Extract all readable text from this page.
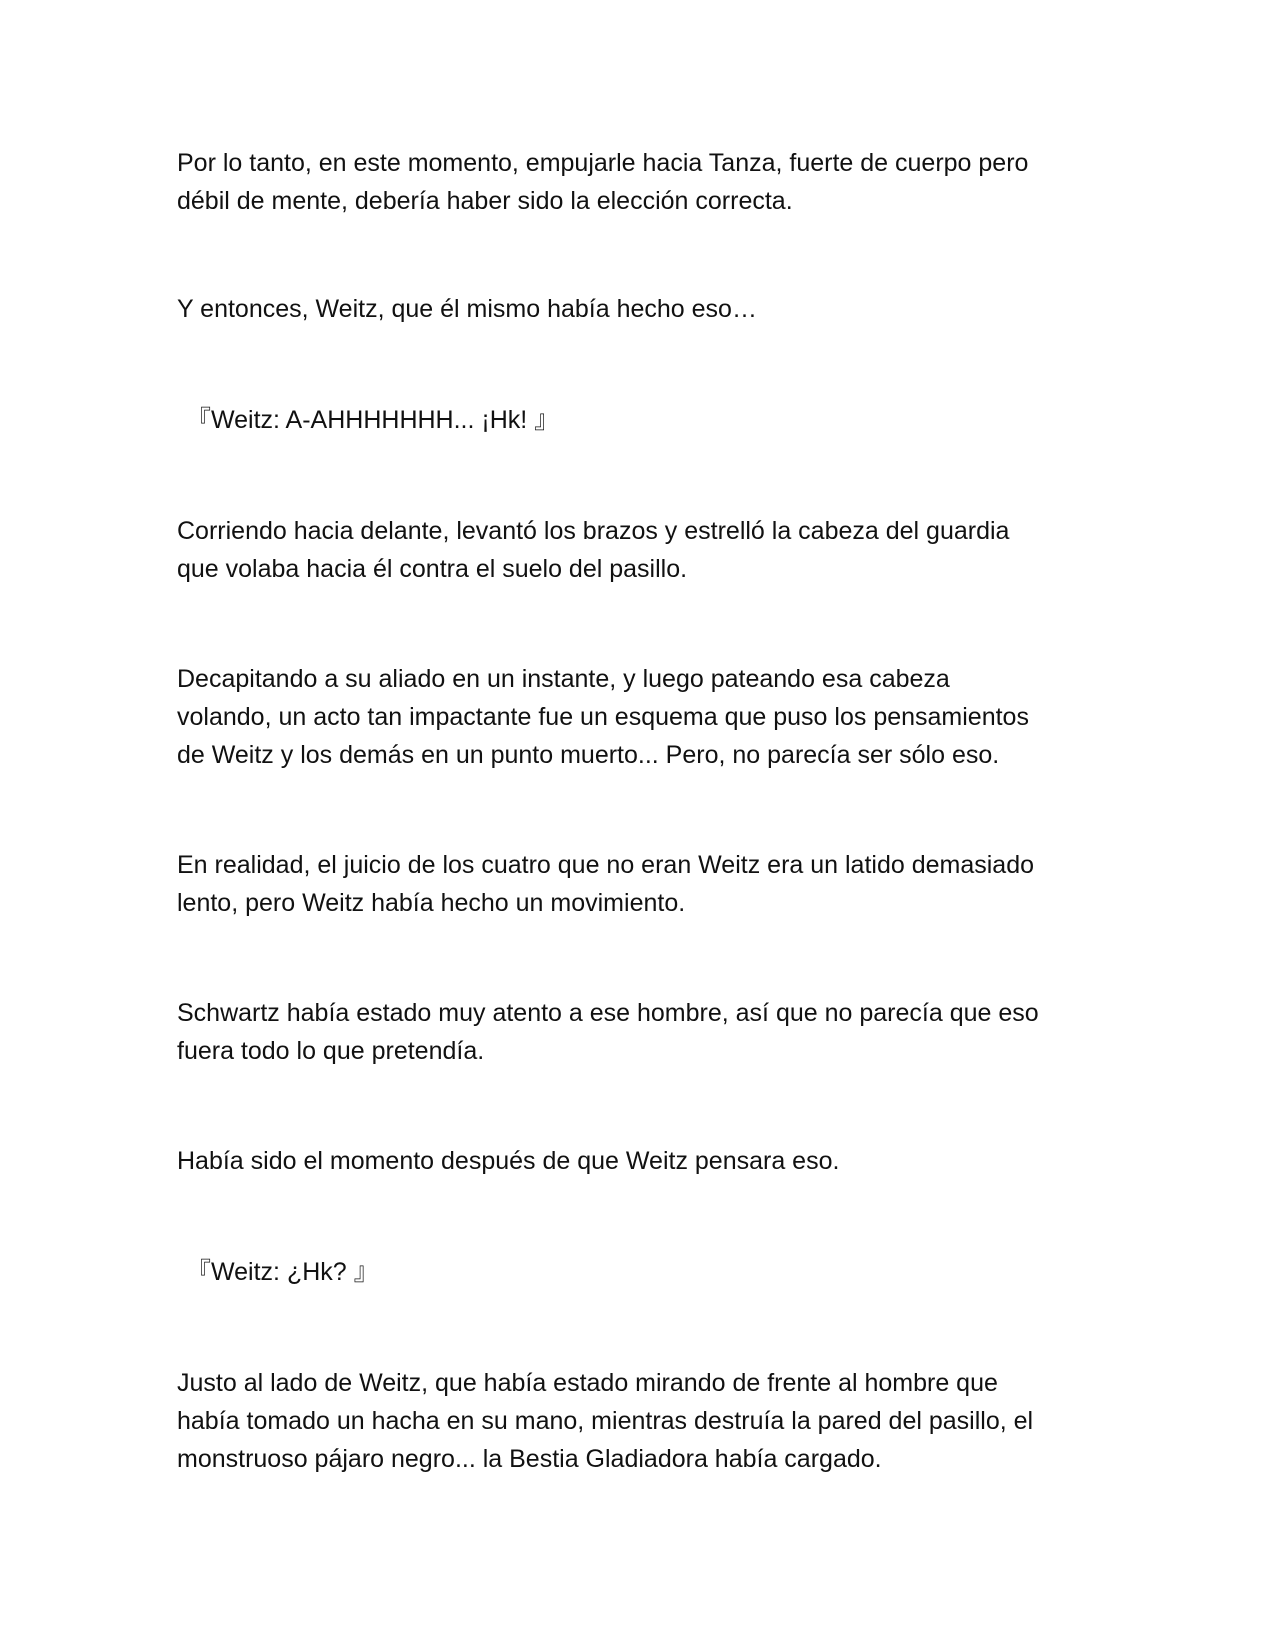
Por lo tanto, en este momento, empujarle hacia Tanza, fuerte de cuerpo pero
débil de mente, debería haber sido la elección correcta.

Y entonces, Weitz, que él mismo había hecho eso…

『Weitz: A-AHHHHHHH... ¡Hk! 』

Corriendo hacia delante, levantó los brazos y estrelló la cabeza del guardia
que volaba hacia él contra el suelo del pasillo.

Decapitando a su aliado en un instante, y luego pateando esa cabeza
volando, un acto tan impactante fue un esquema que puso los pensamientos
de Weitz y los demás en un punto muerto... Pero, no parecía ser sólo eso.

En realidad, el juicio de los cuatro que no eran Weitz era un latido demasiado
lento, pero Weitz había hecho un movimiento.

Schwartz había estado muy atento a ese hombre, así que no parecía que eso
fuera todo lo que pretendía.

Había sido el momento después de que Weitz pensara eso.

『Weitz: ¿Hk? 』

Justo al lado de Weitz, que había estado mirando de frente al hombre que
había tomado un hacha en su mano, mientras destruía la pared del pasillo, el
monstruoso pájaro negro... la Bestia Gladiadora había cargado.
